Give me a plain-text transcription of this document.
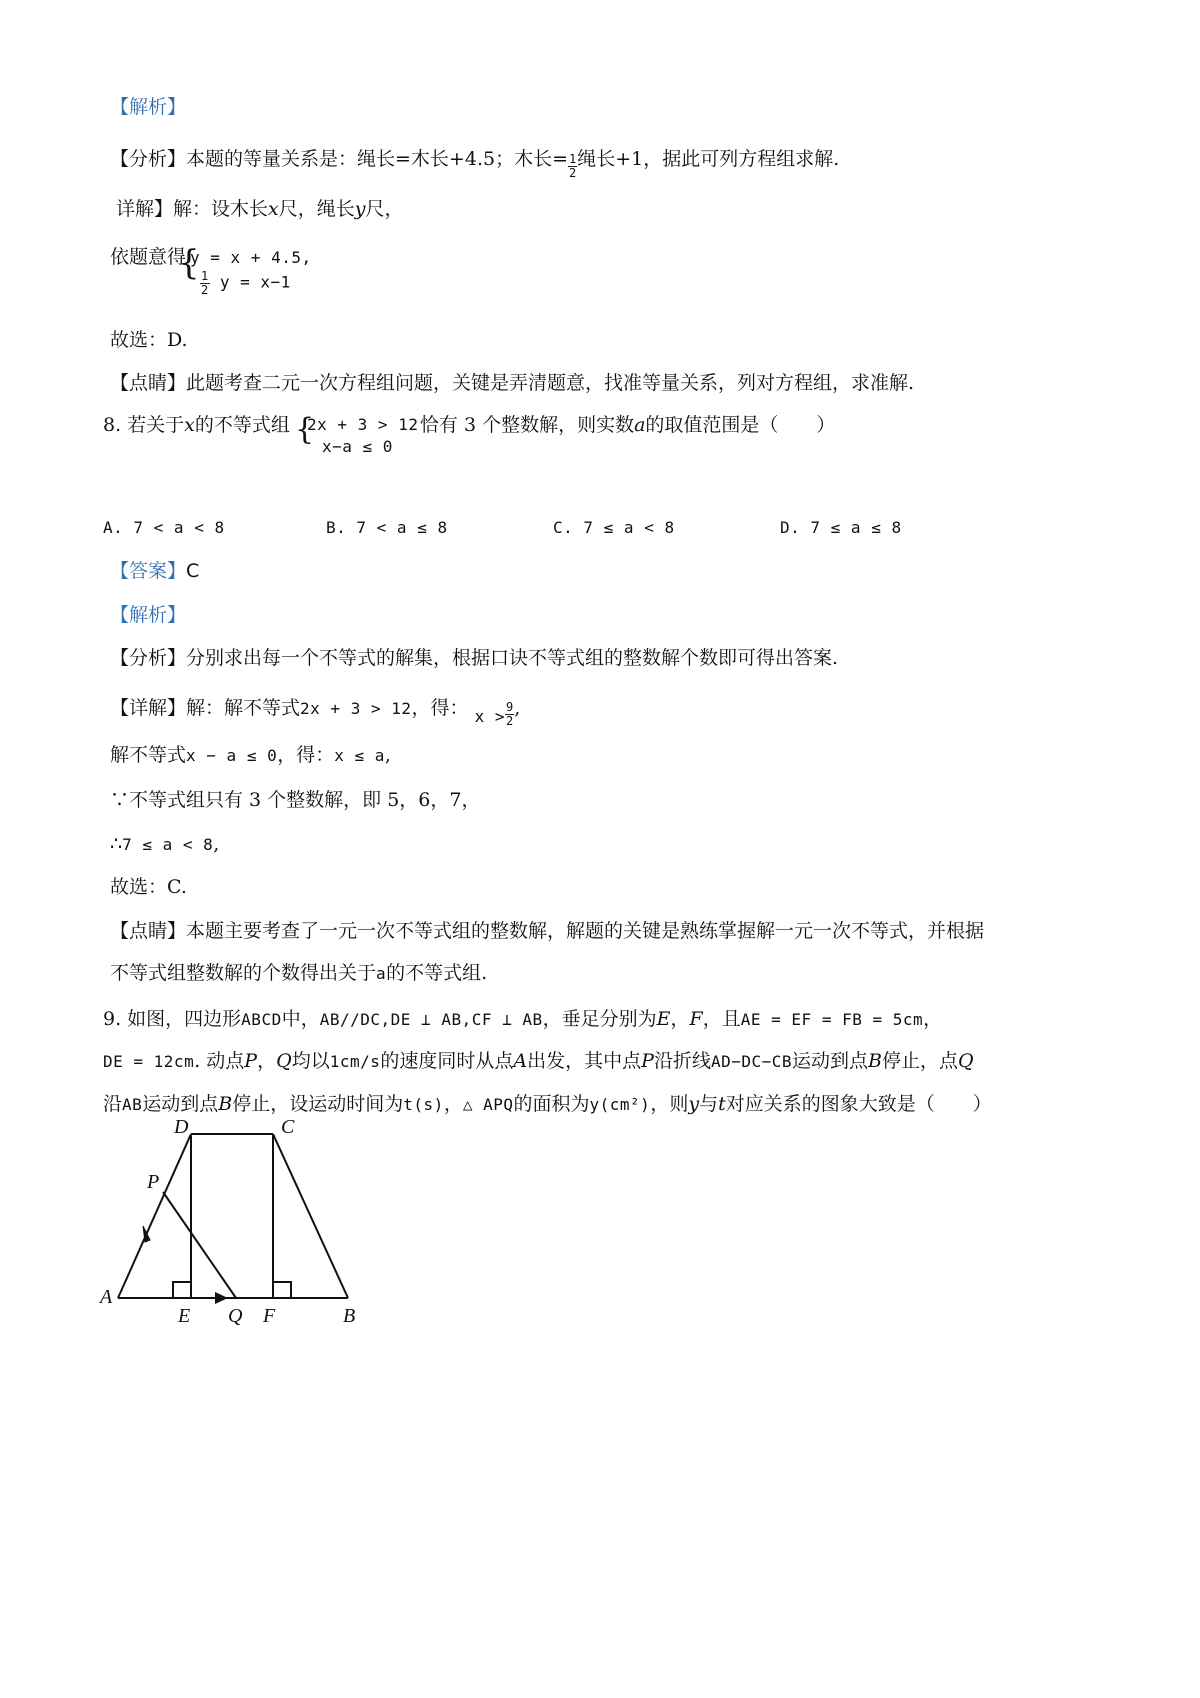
【解析】
【分析】本题的等量关系是：绳长=木长+4.5；木长= $\frac{1}{2}$ 绳长+1，据此可列方程组求解.
详解】解：设木长x尺，绳长y尺，
依题意得
{
y = x + 4.5,
$\frac{1}{2}$ y = x−1
故选：D.
【点睛】此题考查二元一次方程组问题，关键是弄清题意，找准等量关系，列对方程组，求准解.
8. 若关于x的不等式组	恰有 3 个整数解，则实数a的取值范围是（　　）
{
2x + 3 > 12
x−a ≤ 0
A. 7 < a < 8	B. 7 < a ≤ 8	C. 7 ≤ a < 8	D. 7 ≤ a ≤ 8
【答案】C
【解析】
【分析】分别求出每一个不等式的解集，根据口诀不等式组的整数解个数即可得出答案.
【详解】解：解不等式2x + 3 > 12，得： $_{x >} \frac{9}{2}$ ,
解不等式x − a ≤ 0，得：x ≤ a,
∵不等式组只有 3 个整数解，即 5，6，7，
∴7 ≤ a < 8,
故选：C.
【点睛】本题主要考查了一元一次不等式组的整数解，解题的关键是熟练掌握解一元一次不等式，并根据
不等式组整数解的个数得出关于a的不等式组.
9. 如图，四边形ABCD中，AB//DC,DE ⊥ AB,CF ⊥ AB，垂足分别为E，F，且AE = EF = FB = 5cm，
DE = 12cm. 动点P，Q均以1cm/s的速度同时从点A出发，其中点P沿折线AD−DC−CB运动到点B停止，点Q
沿AB运动到点B停止，设运动时间为t(s)，△ APQ的面积为y(cm²)，则y与t对应关系的图象大致是（　　）
D	C
P
A
E Q F	B
